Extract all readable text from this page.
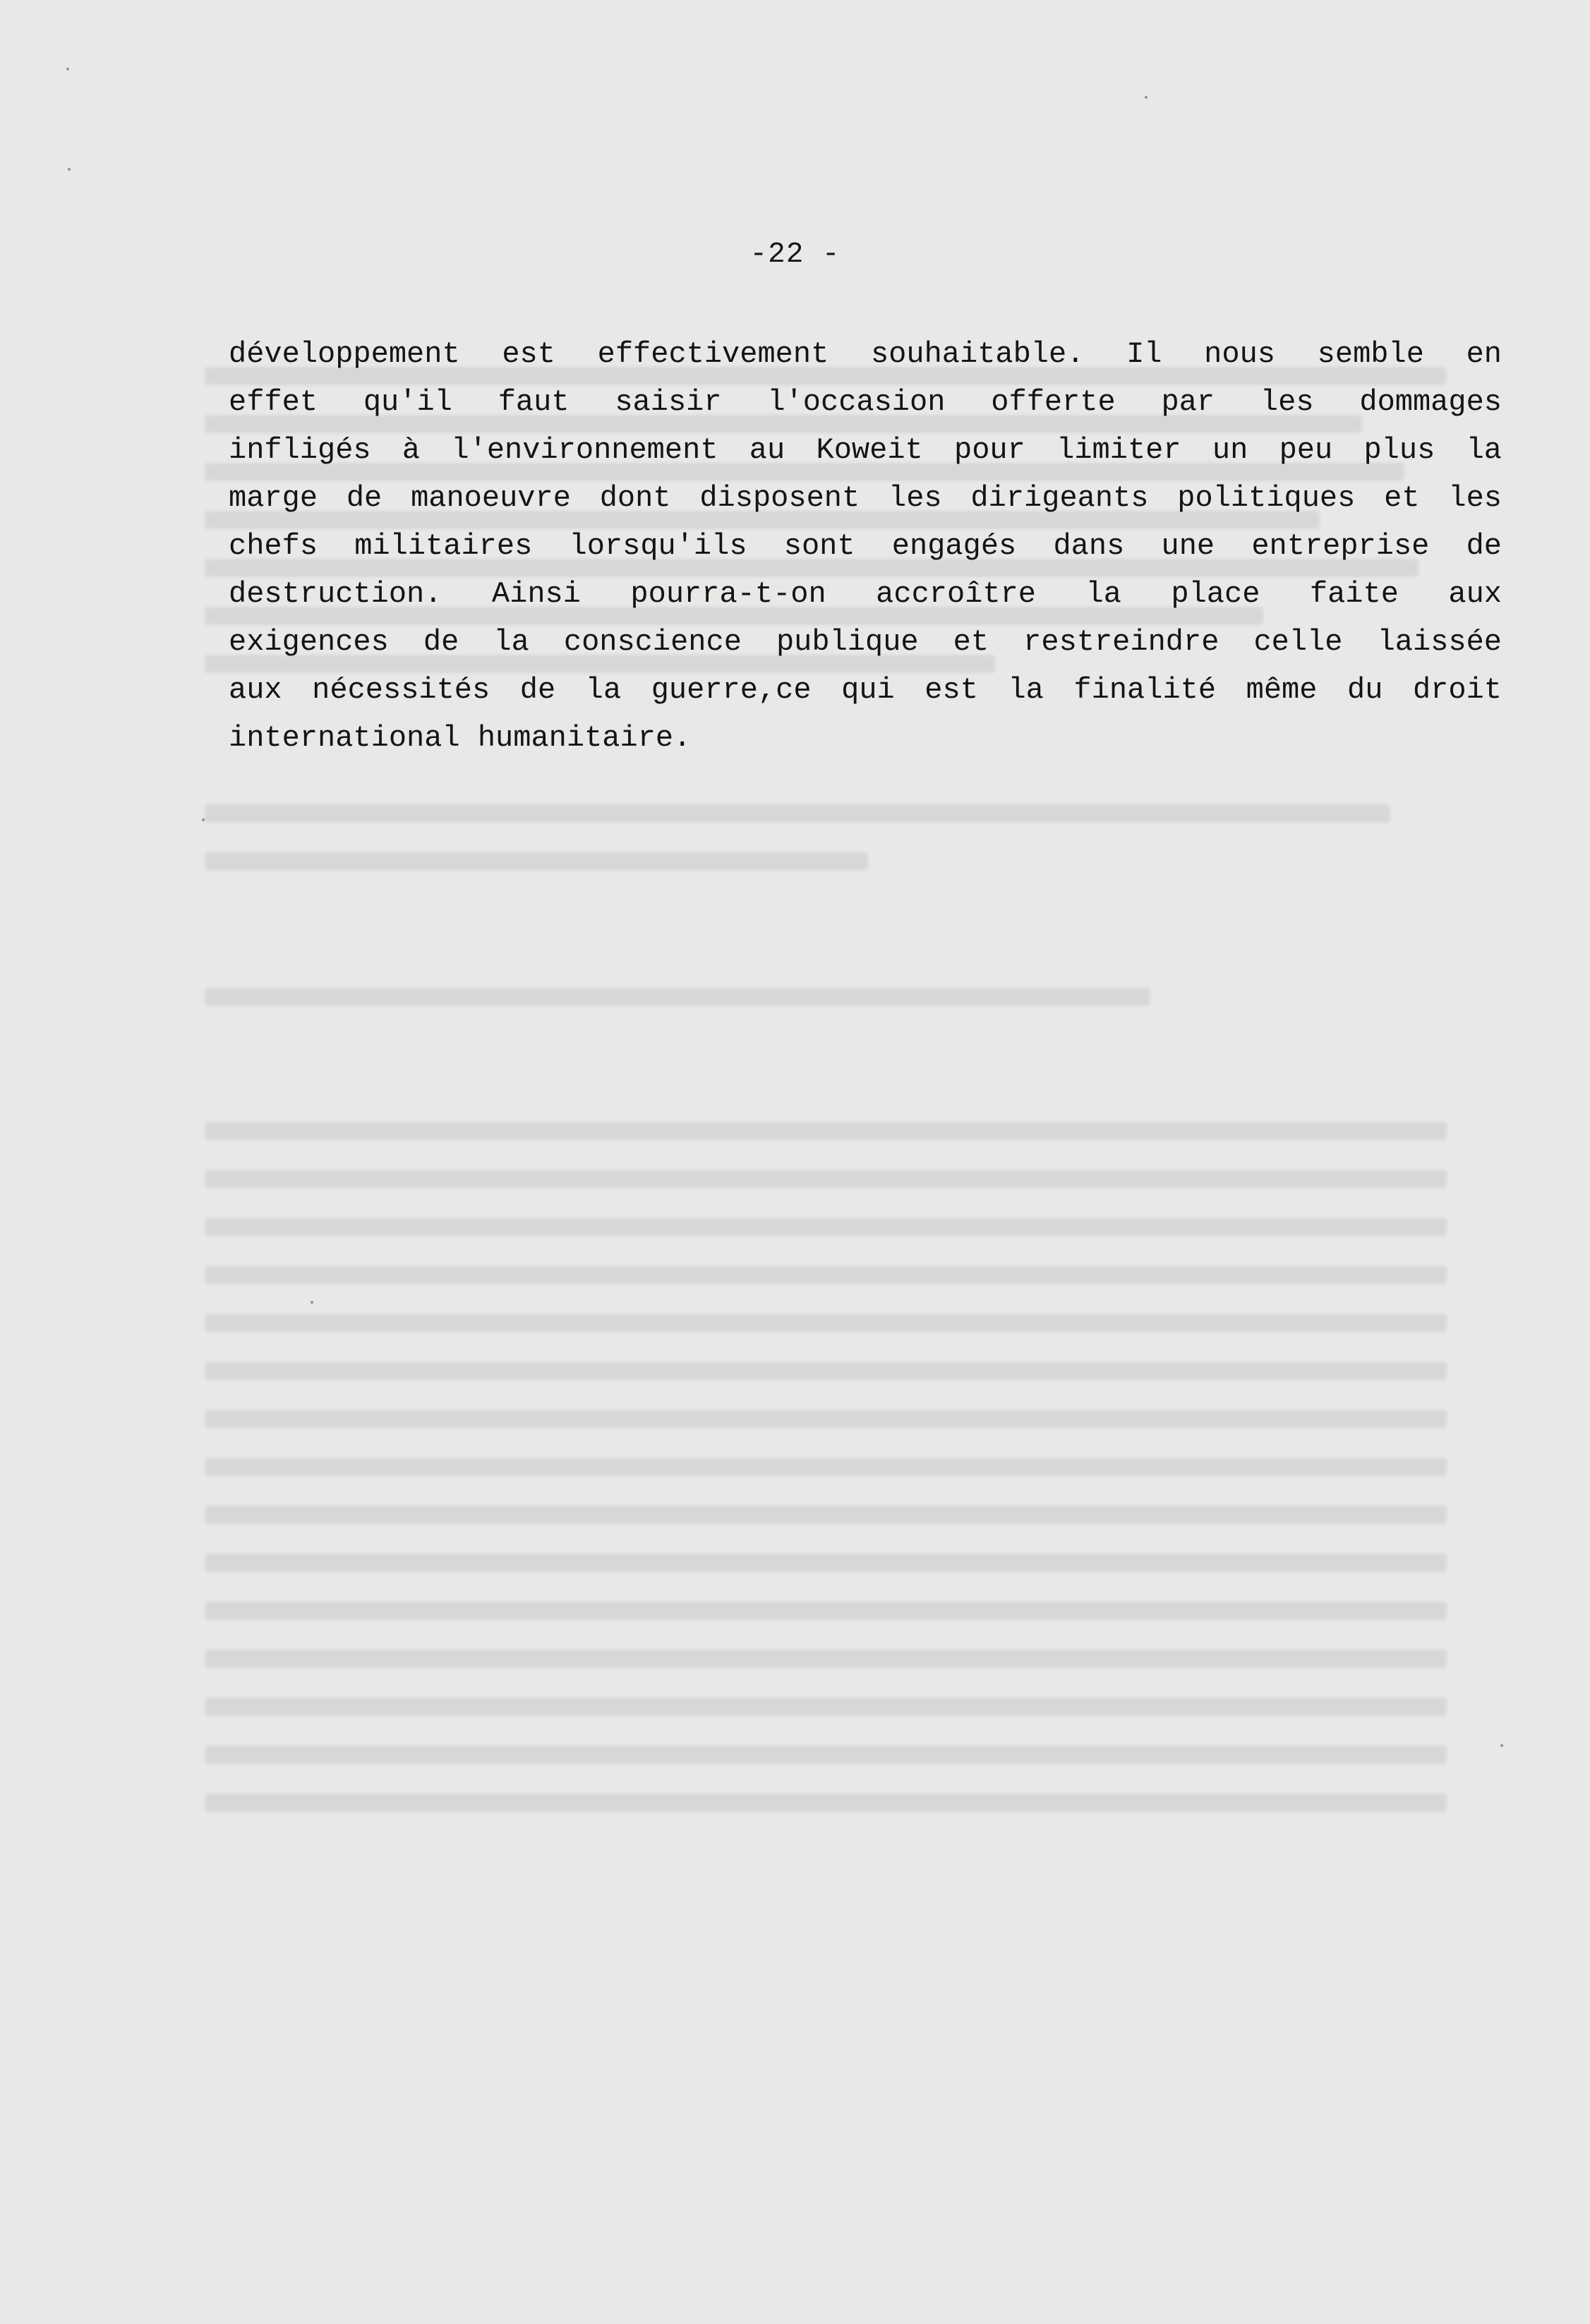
-22 -

développement est effectivement souhaitable. Il nous semble en
effet qu'il faut saisir l'occasion offerte par les dommages
infligés à l'environnement au Koweit pour limiter un peu plus la
marge de manoeuvre dont disposent les dirigeants politiques et les
chefs militaires lorsqu'ils sont engagés dans une entreprise de
destruction. Ainsi pourra-t-on accroître la place faite aux
exigences de la conscience publique et restreindre celle laissée
aux nécessités de la guerre,ce qui est la finalité même du droit
international humanitaire.
